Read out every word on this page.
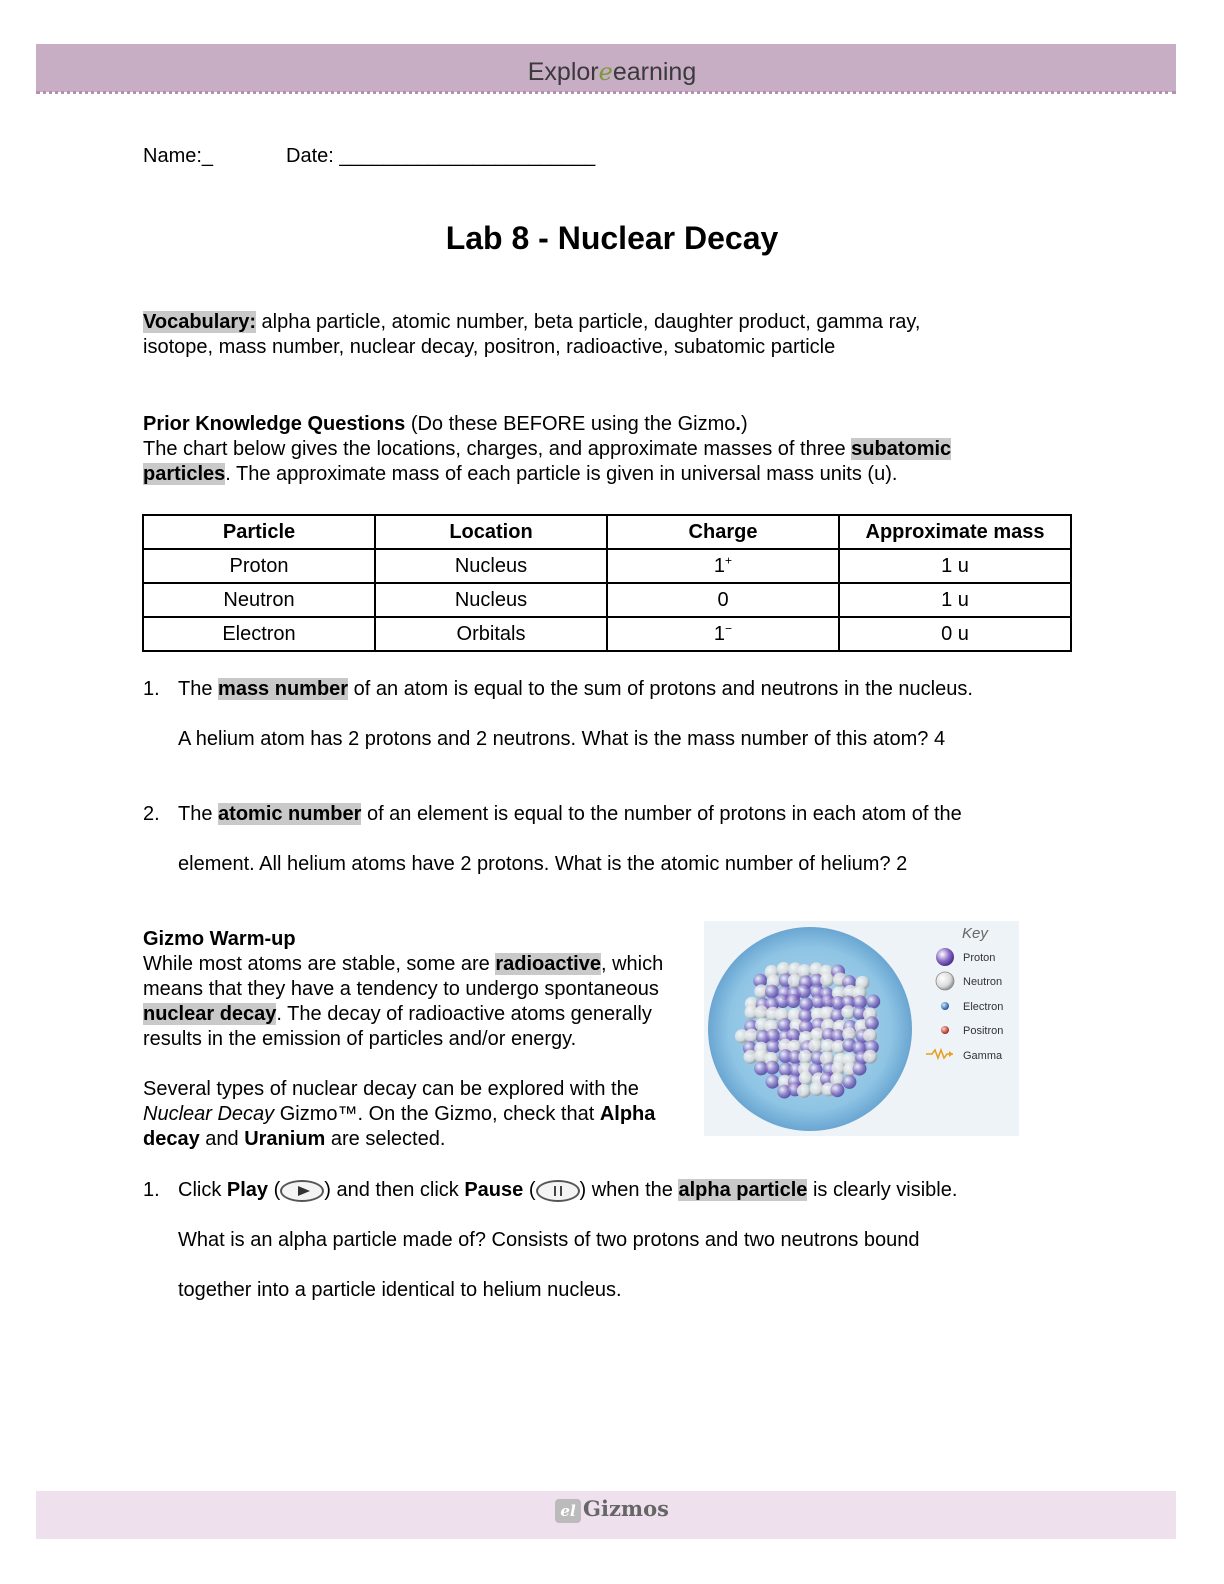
Exploreearning
Name:_	Date: _______________________
Lab 8 - Nuclear Decay
Vocabulary: alpha particle, atomic number, beta particle, daughter product, gamma ray,
isotope, mass number, nuclear decay, positron, radioactive, subatomic particle
Prior Knowledge Questions (Do these BEFORE using the Gizmo.)
The chart below gives the locations, charges, and approximate masses of three subatomic
particles. The approximate mass of each particle is given in universal mass units (u).
Particle	Location	Charge	Approximate mass
Proton	Nucleus	1+	1 u
Neutron	Nucleus	0	1 u
Electron	Orbitals	1−	0 u
1. The mass number of an atom is equal to the sum of protons and neutrons in the nucleus.
A helium atom has 2 protons and 2 neutrons. What is the mass number of this atom? 4
2. The atomic number of an element is equal to the number of protons in each atom of the
element. All helium atoms have 2 protons. What is the atomic number of helium? 2
Gizmo Warm-up
While most atoms are stable, some are radioactive, which
means that they have a tendency to undergo spontaneous
nuclear decay. The decay of radioactive atoms generally
results in the emission of particles and/or energy.
Several types of nuclear decay can be explored with the
Nuclear Decay Gizmo™. On the Gizmo, check that Alpha
decay and Uranium are selected.
Key
Proton
Neutron
Electron
Positron
Gamma
1. Click Play ( ) and then click Pause ( ) when the alpha particle is clearly visible.
What is an alpha particle made of? Consists of two protons and two neutrons bound
together into a particle identical to helium nucleus.
el Gizmos
